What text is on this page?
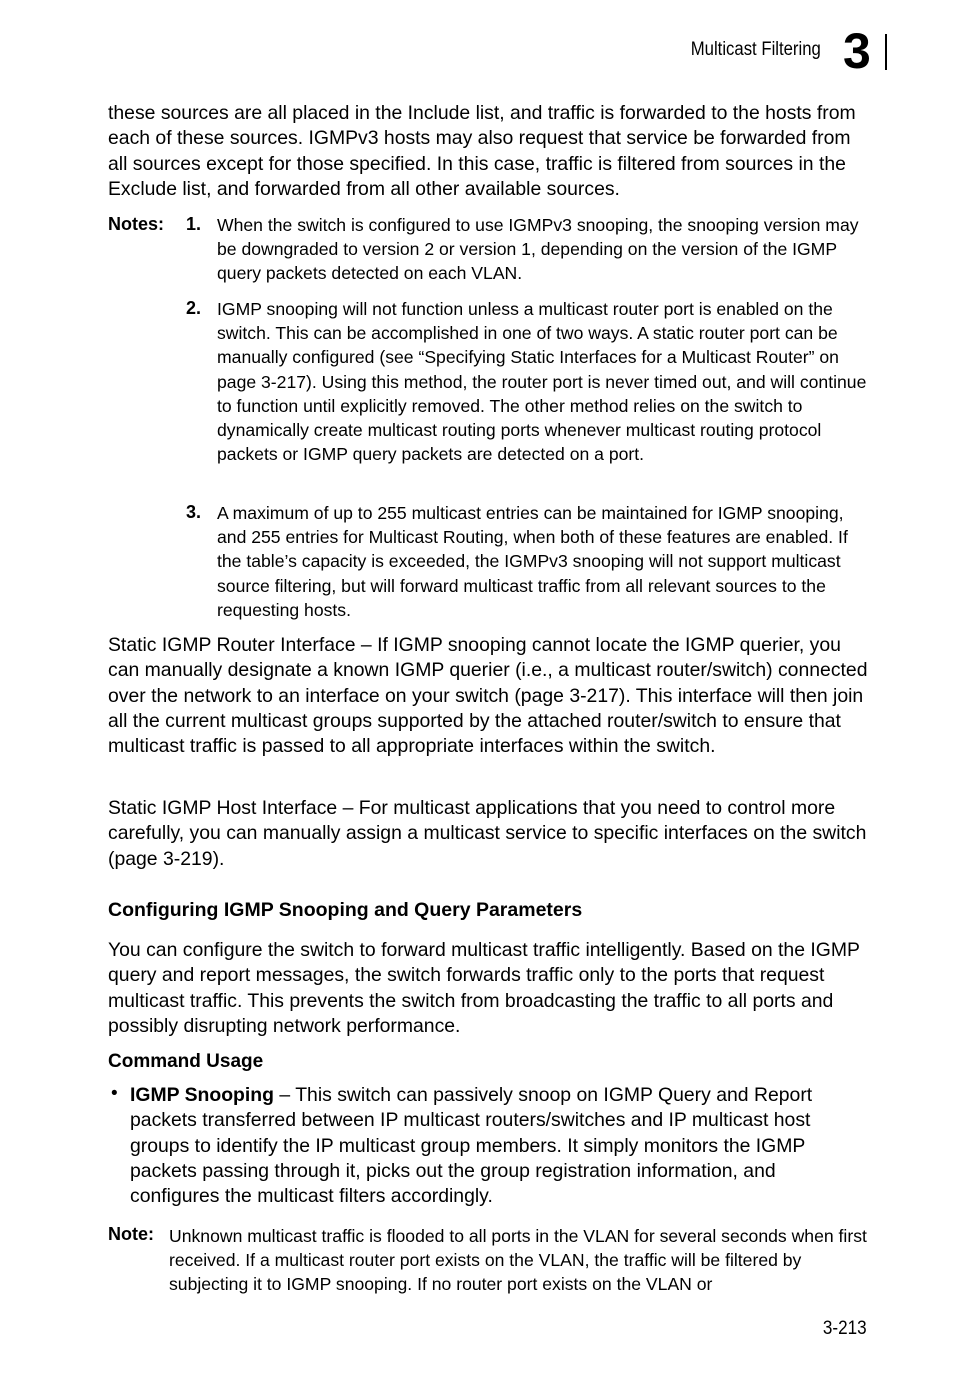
Multicast Filtering 3

these sources are all placed in the Include list, and traffic is forwarded to the hosts from each of these sources. IGMPv3 hosts may also request that service be forwarded from all sources except for those specified. In this case, traffic is filtered from sources in the Exclude list, and forwarded from all other available sources.

Notes: 1. When the switch is configured to use IGMPv3 snooping, the snooping version may be downgraded to version 2 or version 1, depending on the version of the IGMP query packets detected on each VLAN.

2. IGMP snooping will not function unless a multicast router port is enabled on the switch. This can be accomplished in one of two ways. A static router port can be manually configured (see “Specifying Static Interfaces for a Multicast Router” on page 3-217). Using this method, the router port is never timed out, and will continue to function until explicitly removed. The other method relies on the switch to dynamically create multicast routing ports whenever multicast routing protocol packets or IGMP query packets are detected on a port.

3. A maximum of up to 255 multicast entries can be maintained for IGMP snooping, and 255 entries for Multicast Routing, when both of these features are enabled. If the table’s capacity is exceeded, the IGMPv3 snooping will not support multicast source filtering, but will forward multicast traffic from all relevant sources to the requesting hosts.

Static IGMP Router Interface – If IGMP snooping cannot locate the IGMP querier, you can manually designate a known IGMP querier (i.e., a multicast router/switch) connected over the network to an interface on your switch (page 3-217). This interface will then join all the current multicast groups supported by the attached router/switch to ensure that multicast traffic is passed to all appropriate interfaces within the switch.

Static IGMP Host Interface – For multicast applications that you need to control more carefully, you can manually assign a multicast service to specific interfaces on the switch (page 3-219).

Configuring IGMP Snooping and Query Parameters

You can configure the switch to forward multicast traffic intelligently. Based on the IGMP query and report messages, the switch forwards traffic only to the ports that request multicast traffic. This prevents the switch from broadcasting the traffic to all ports and possibly disrupting network performance.

Command Usage
• IGMP Snooping – This switch can passively snoop on IGMP Query and Report packets transferred between IP multicast routers/switches and IP multicast host groups to identify the IP multicast group members. It simply monitors the IGMP packets passing through it, picks out the group registration information, and configures the multicast filters accordingly.

Note: Unknown multicast traffic is flooded to all ports in the VLAN for several seconds when first received. If a multicast router port exists on the VLAN, the traffic will be filtered by subjecting it to IGMP snooping. If no router port exists on the VLAN or

3-213
